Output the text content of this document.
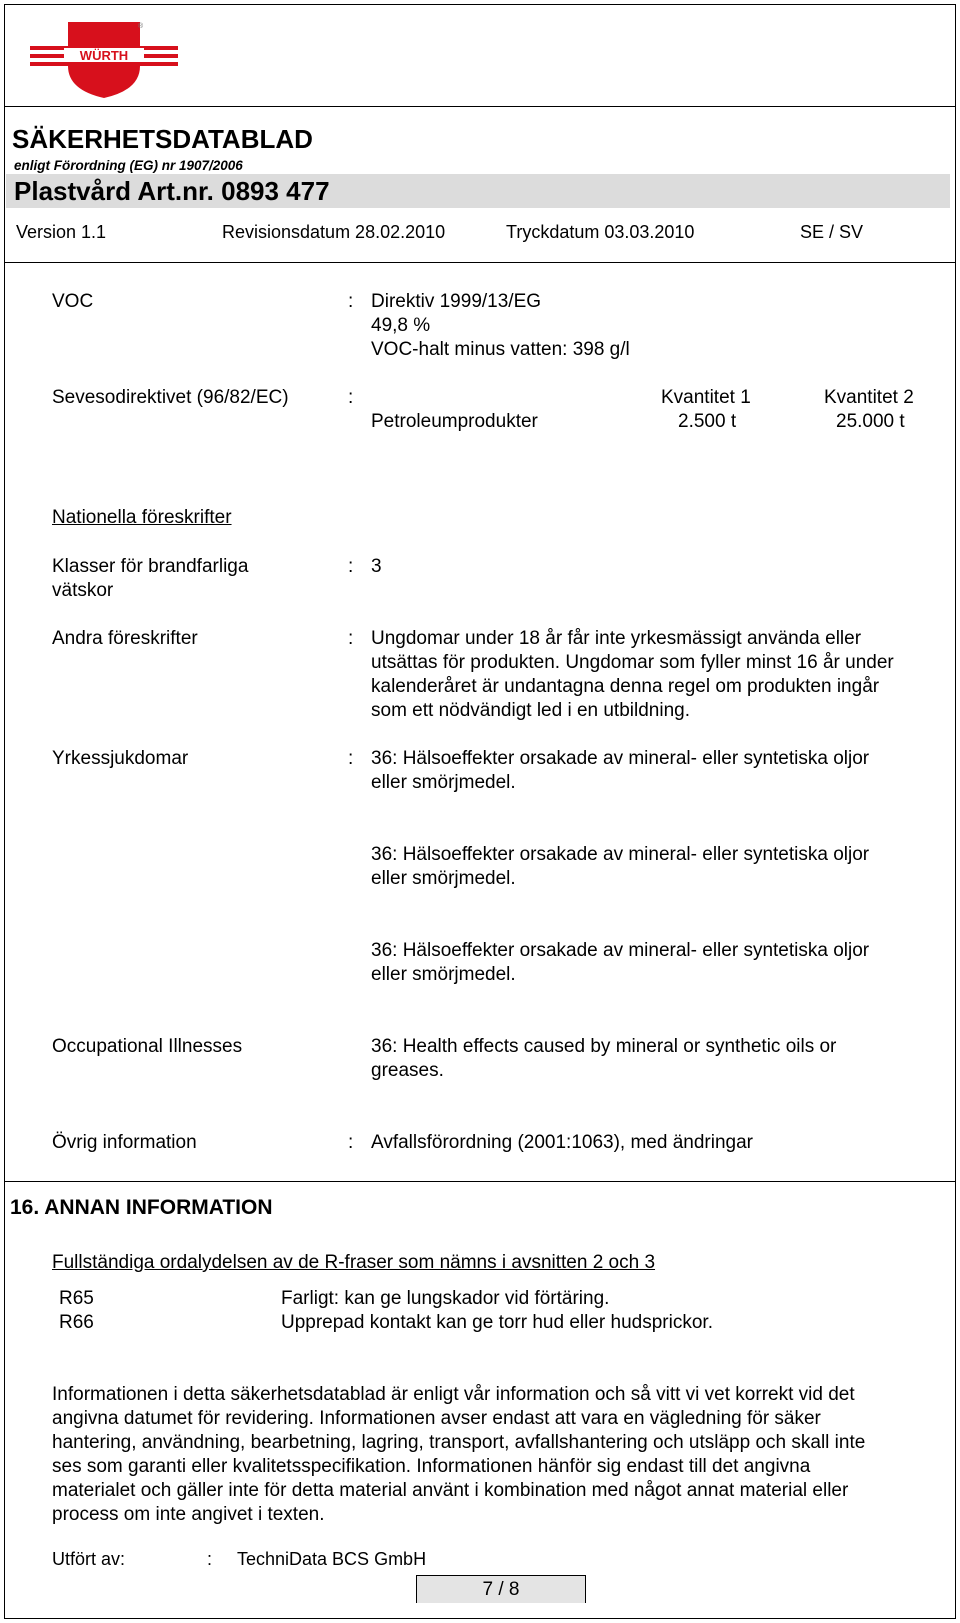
WÜRTH
®
SÄKERHETSDATABLAD
enligt Förordning (EG) nr 1907/2006
Plastvård Art.nr. 0893 477
Version 1.1	Revisionsdatum 28.02.2010	Tryckdatum 03.03.2010	SE / SV
VOC	: Direktiv 1999/13/EG
49,8 %
VOC-halt minus vatten: 398 g/l
Sevesodirektivet (96/82/EC)	:	Kvantitet 1	Kvantitet 2
Petroleumprodukter	2.500 t	25.000 t
Nationella föreskrifter
Klasser för brandfarliga
vätskor
: 3
Andra föreskrifter	: Ungdomar under 18 år får inte yrkesmässigt använda eller
utsättas för produkten. Ungdomar som fyller minst 16 år under
kalenderåret är undantagna denna regel om produkten ingår
som ett nödvändigt led i en utbildning.
Yrkessjukdomar	: 36: Hälsoeffekter orsakade av mineral- eller syntetiska oljor
eller smörjmedel.
36: Hälsoeffekter orsakade av mineral- eller syntetiska oljor
eller smörjmedel.
36: Hälsoeffekter orsakade av mineral- eller syntetiska oljor
eller smörjmedel.
Occupational Illnesses	36: Health effects caused by mineral or synthetic oils or
greases.
Övrig information	: Avfallsförordning (2001:1063), med ändringar
16. ANNAN INFORMATION
Fullständiga ordalydelsen av de R-fraser som nämns i avsnitten 2 och 3
R65	Farligt: kan ge lungskador vid förtäring.
R66	Upprepad kontakt kan ge torr hud eller hudsprickor.
Informationen i detta säkerhetsdatablad är enligt vår information och så vitt vi vet korrekt vid det
angivna datumet för revidering. Informationen avser endast att vara en vägledning för säker
hantering, användning, bearbetning, lagring, transport, avfallshantering och utsläpp och skall inte
ses som garanti eller kvalitetsspecifikation. Informationen hänför sig endast till det angivna
materialet och gäller inte för detta material använt i kombination med något annat material eller
process om inte angivet i texten.
Utfört av:	: TechniData BCS GmbH
7 / 8
